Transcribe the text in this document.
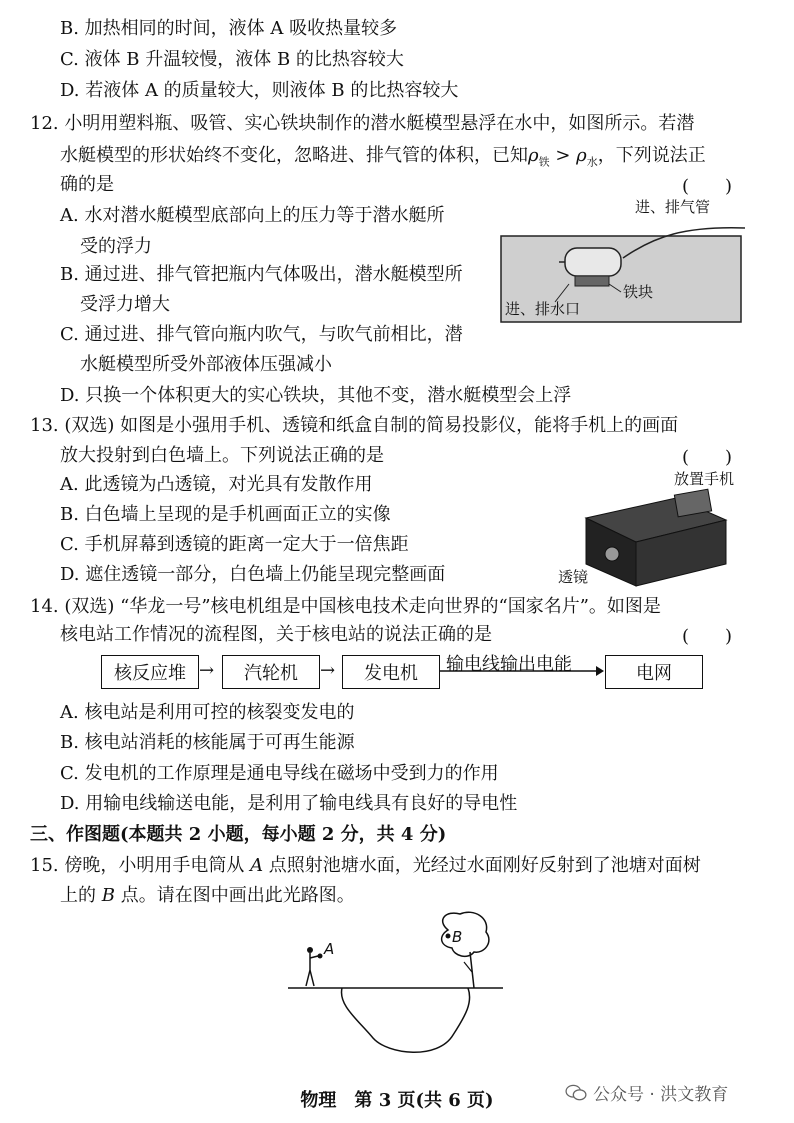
B. 加热相同的时间，液体 A 吸收热量较多
C. 液体 B 升温较慢，液体 B 的比热容较大
D. 若液体 A 的质量较大，则液体 B 的比热容较大
12. 小明用塑料瓶、吸管、实心铁块制作的潜水艇模型悬浮在水中，如图所示。若潜
水艇模型的形状始终不变化，忽略进、排气管的体积，已知$\rho_铁 > \rho_水$，下列说法正
确的是	(　　)
A. 水对潜水艇模型底部向上的压力等于潜水艇所
受的浮力
B. 通过进、排气管把瓶内气体吸出，潜水艇模型所
受浮力增大
C. 通过进、排气管向瓶内吹气，与吹气前相比，潜
水艇模型所受外部液体压强减小
D. 只换一个体积更大的实心铁块，其他不变，潜水艇模型会上浮
进、排气管
进、排水口
铁块
13. (双选) 如图是小强用手机、透镜和纸盒自制的简易投影仪，能将手机上的画面
放大投射到白色墙上。下列说法正确的是	(　　)
A. 此透镜为凸透镜，对光具有发散作用
B. 白色墙上呈现的是手机画面正立的实像
C. 手机屏幕到透镜的距离一定大于一倍焦距
D. 遮住透镜一部分，白色墙上仍能呈现完整画面
放置手机
透镜
14. (双选) “华龙一号”核电机组是中国核电技术走向世界的“国家名片”。如图是
核电站工作情况的流程图，关于核电站的说法正确的是	(　　)
核反应堆 →	汽轮机	→	发电机	输电线输出电能	电网
A. 核电站是利用可控的核裂变发电的
B. 核电站消耗的核能属于可再生能源
C. 发电机的工作原理是通电导线在磁场中受到力的作用
D. 用输电线输送电能，是利用了输电线具有良好的导电性
三、作图题(本题共 2 小题，每小题 2 分，共 4 分)
15. 傍晚，小明用手电筒从 A 点照射池塘水面，光经过水面刚好反射到了池塘对面树
上的 B 点。请在图中画出此光路图。
A
B
物理　第 3 页(共 6 页)	公众号 · 洪文教育
